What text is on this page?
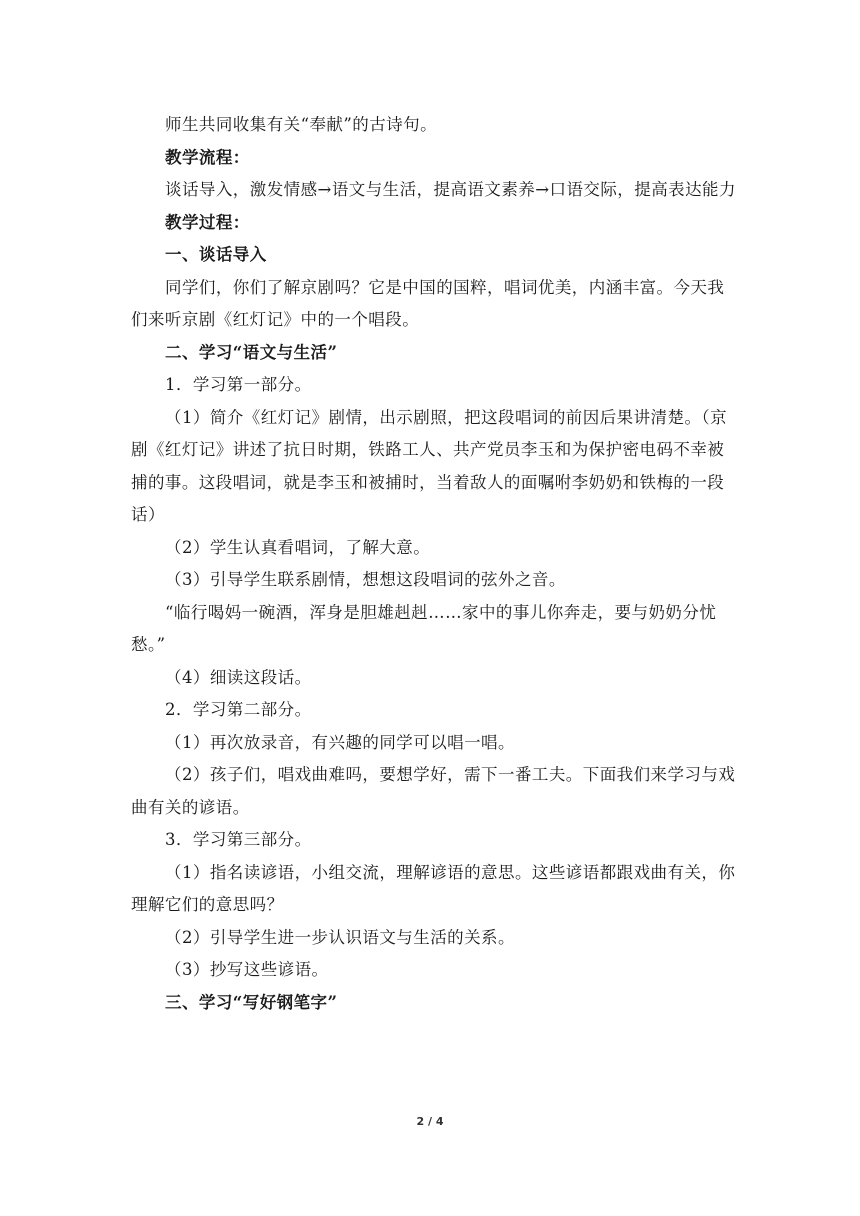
师生共同收集有关“奉献”的古诗句。

教学流程：

谈话导入，激发情感→语文与生活，提高语文素养→口语交际，提高表达能力

教学过程：

一、谈话导入

同学们，你们了解京剧吗？它是中国的国粹，唱词优美，内涵丰富。今天我们来听京剧《红灯记》中的一个唱段。

二、学习“语文与生活”

1．学习第一部分。

（1）简介《红灯记》剧情，出示剧照，把这段唱词的前因后果讲清楚。（京剧《红灯记》讲述了抗日时期，铁路工人、共产党员李玉和为保护密电码不幸被捕的事。这段唱词，就是李玉和被捕时，当着敌人的面嘱咐李奶奶和铁梅的一段话）

（2）学生认真看唱词，了解大意。

（3）引导学生联系剧情，想想这段唱词的弦外之音。

“临行喝妈一碗酒，浑身是胆雄赳赳……家中的事儿你奔走，要与奶奶分忧愁。”

（4）细读这段话。

2．学习第二部分。

（1）再次放录音，有兴趣的同学可以唱一唱。

（2）孩子们，唱戏曲难吗，要想学好，需下一番工夫。下面我们来学习与戏曲有关的谚语。

3．学习第三部分。

（1）指名读谚语，小组交流，理解谚语的意思。这些谚语都跟戏曲有关，你理解它们的意思吗？

（2）引导学生进一步认识语文与生活的关系。

（3）抄写这些谚语。

三、学习“写好钢笔字”

2 / 4
